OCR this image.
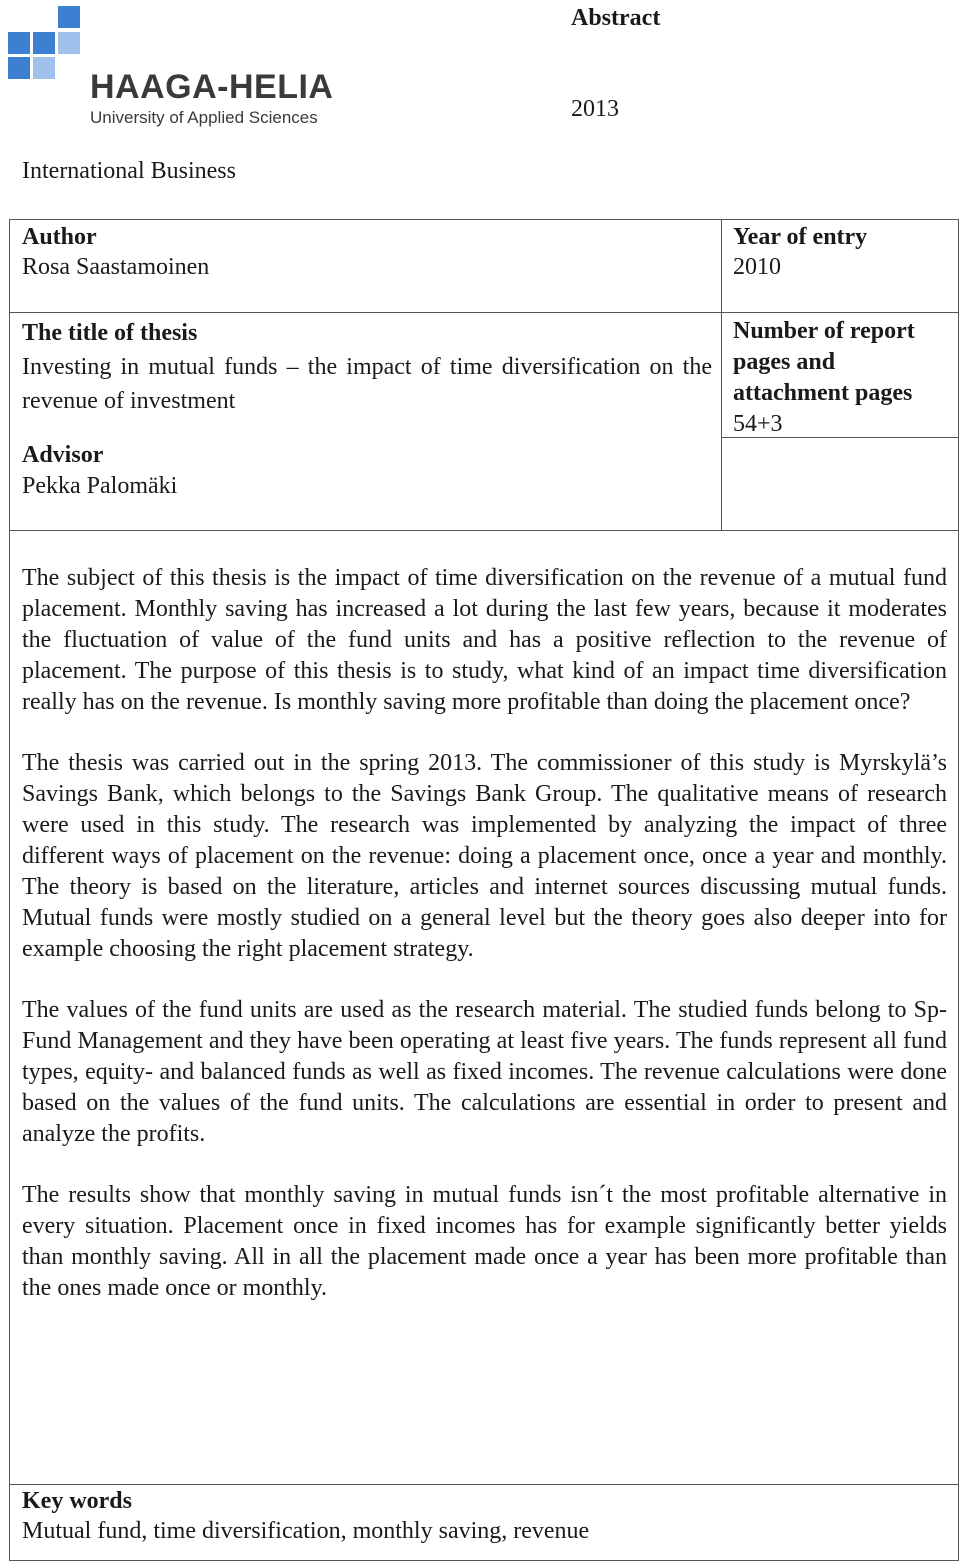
HAAGA-HELIA
University of Applied Sciences
Abstract
2013
International Business
Author
Rosa Saastamoinen
Year of entry
2010
The title of thesis
Investing in mutual funds – the impact of time diversification on the revenue of investment
Number of report pages and attachment pages
54+3
Advisor
Pekka Palomäki

The subject of this thesis is the impact of time diversification on the revenue of a mutual fund placement. Monthly saving has increased a lot during the last few years, because it moderates the fluctuation of value of the fund units and has a positive reflection to the revenue of placement. The purpose of this thesis is to study, what kind of an impact time diversification really has on the revenue. Is monthly saving more profitable than doing the placement once?

The thesis was carried out in the spring 2013. The commissioner of this study is Myrskylä’s Savings Bank, which belongs to the Savings Bank Group. The qualitative means of research were used in this study. The research was implemented by analyzing the impact of three different ways of placement on the revenue: doing a placement once, once a year and monthly. The theory is based on the literature, articles and internet sources discussing mutual funds. Mutual funds were mostly studied on a general level but the theory goes also deeper into for example choosing the right placement strategy.

The values of the fund units are used as the research material. The studied funds belong to Sp-Fund Management and they have been operating at least five years. The funds represent all fund types, equity- and balanced funds as well as fixed incomes. The revenue calculations were done based on the values of the fund units. The calculations are essential in order to present and analyze the profits.

The results show that monthly saving in mutual funds isn´t the most profitable alternative in every situation. Placement once in fixed incomes has for example significantly better yields than monthly saving. All in all the placement made once a year has been more profitable than the ones made once or monthly.

Key words
Mutual fund, time diversification, monthly saving, revenue
